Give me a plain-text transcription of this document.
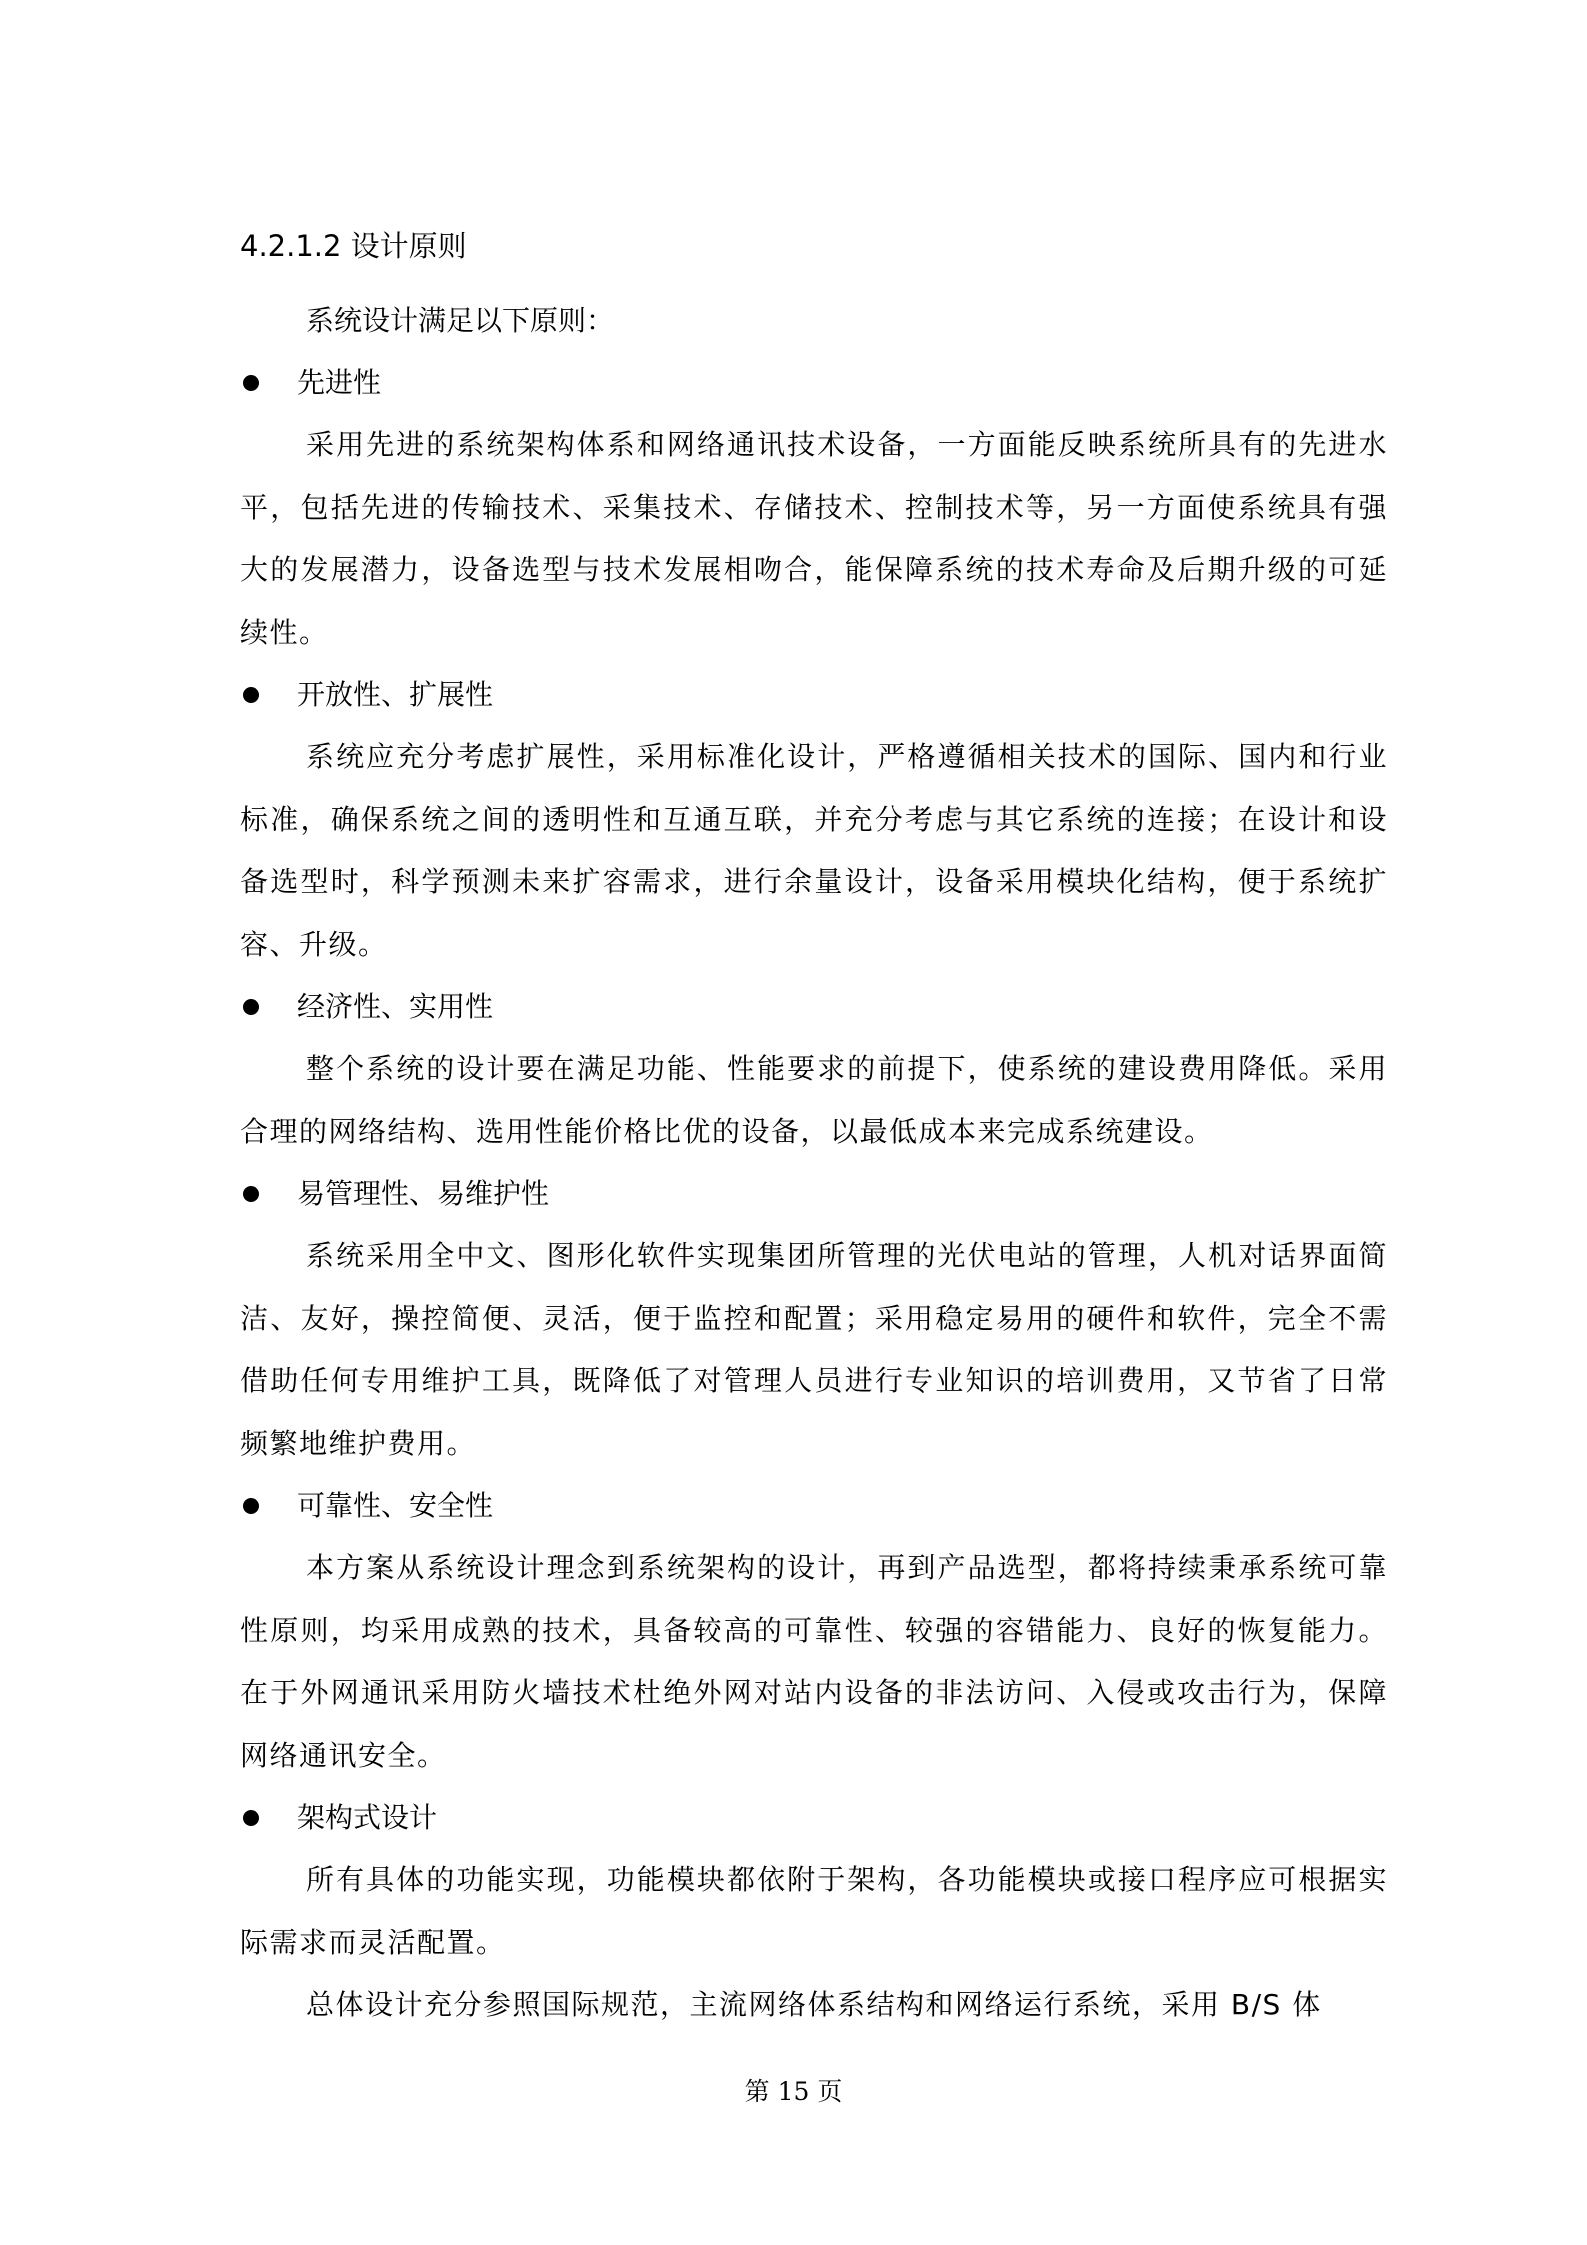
4.2.1.2 设计原则

系统设计满足以下原则：

先进性

采用先进的系统架构体系和网络通讯技术设备，一方面能反映系统所具有的先进水平，包括先进的传输技术、采集技术、存储技术、控制技术等，另一方面使系统具有强大的发展潜力，设备选型与技术发展相吻合，能保障系统的技术寿命及后期升级的可延续性。

开放性、扩展性

系统应充分考虑扩展性，采用标准化设计，严格遵循相关技术的国际、国内和行业标准，确保系统之间的透明性和互通互联，并充分考虑与其它系统的连接；在设计和设备选型时，科学预测未来扩容需求，进行余量设计，设备采用模块化结构，便于系统扩容、升级。

经济性、实用性

整个系统的设计要在满足功能、性能要求的前提下，使系统的建设费用降低。采用合理的网络结构、选用性能价格比优的设备，以最低成本来完成系统建设。

易管理性、易维护性

系统采用全中文、图形化软件实现集团所管理的光伏电站的管理，人机对话界面简洁、友好，操控简便、灵活，便于监控和配置；采用稳定易用的硬件和软件，完全不需借助任何专用维护工具，既降低了对管理人员进行专业知识的培训费用，又节省了日常频繁地维护费用。

可靠性、安全性

本方案从系统设计理念到系统架构的设计，再到产品选型，都将持续秉承系统可靠性原则，均采用成熟的技术，具备较高的可靠性、较强的容错能力、良好的恢复能力。在于外网通讯采用防火墙技术杜绝外网对站内设备的非法访问、入侵或攻击行为，保障网络通讯安全。

架构式设计

所有具体的功能实现，功能模块都依附于架构，各功能模块或接口程序应可根据实际需求而灵活配置。

总体设计充分参照国际规范，主流网络体系结构和网络运行系统，采用 B/S 体

第 15 页
